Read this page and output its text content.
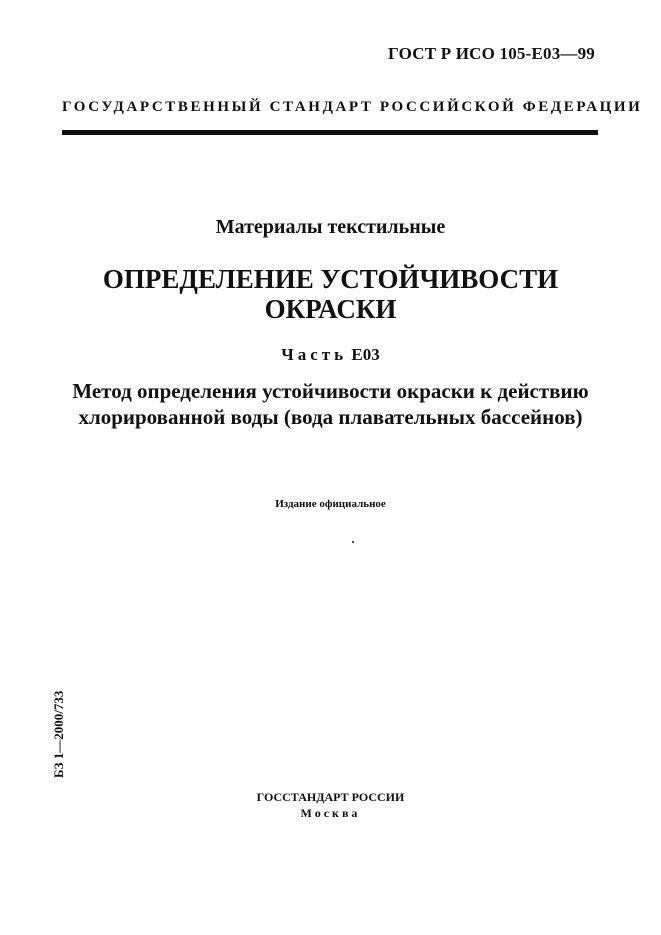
ГОСТ Р ИСО 105-Е03—99
ГОСУДАРСТВЕННЫЙ СТАНДАРТ РОССИЙСКОЙ ФЕДЕРАЦИИ
Материалы текстильные
ОПРЕДЕЛЕНИЕ УСТОЙЧИВОСТИ
ОКРАСКИ
Часть Е03
Метод определения устойчивости окраски к действию
хлорированной воды (вода плавательных бассейнов)
Издание официальное
БЗ 1—2000/733
ГОССТАНДАРТ РОССИИ
Москва
